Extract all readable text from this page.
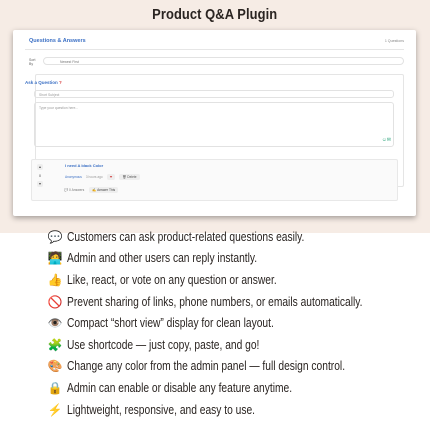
Product Q&A Plugin
Questions & Answers	1 Questions
Sort By
Newest First
Ask a Question ?
Short Subject
Type your question here...
☺✉
▲
0
▼
I need A black Color
Anonymous 3 hours ago	❤	🗑 Delete
💬 0 Answers	✍ Answer This
💬 Customers can ask product-related questions easily.
🧑‍💻 Admin and other users can reply instantly.
👍 Like, react, or vote on any question or answer.
🚫 Prevent sharing of links, phone numbers, or emails automatically.
👁️ Compact “short view” display for clean layout.
🧩 Use shortcode — just copy, paste, and go!
🎨 Change any color from the admin panel — full design control.
🔒 Admin can enable or disable any feature anytime.
⚡ Lightweight, responsive, and easy to use.
